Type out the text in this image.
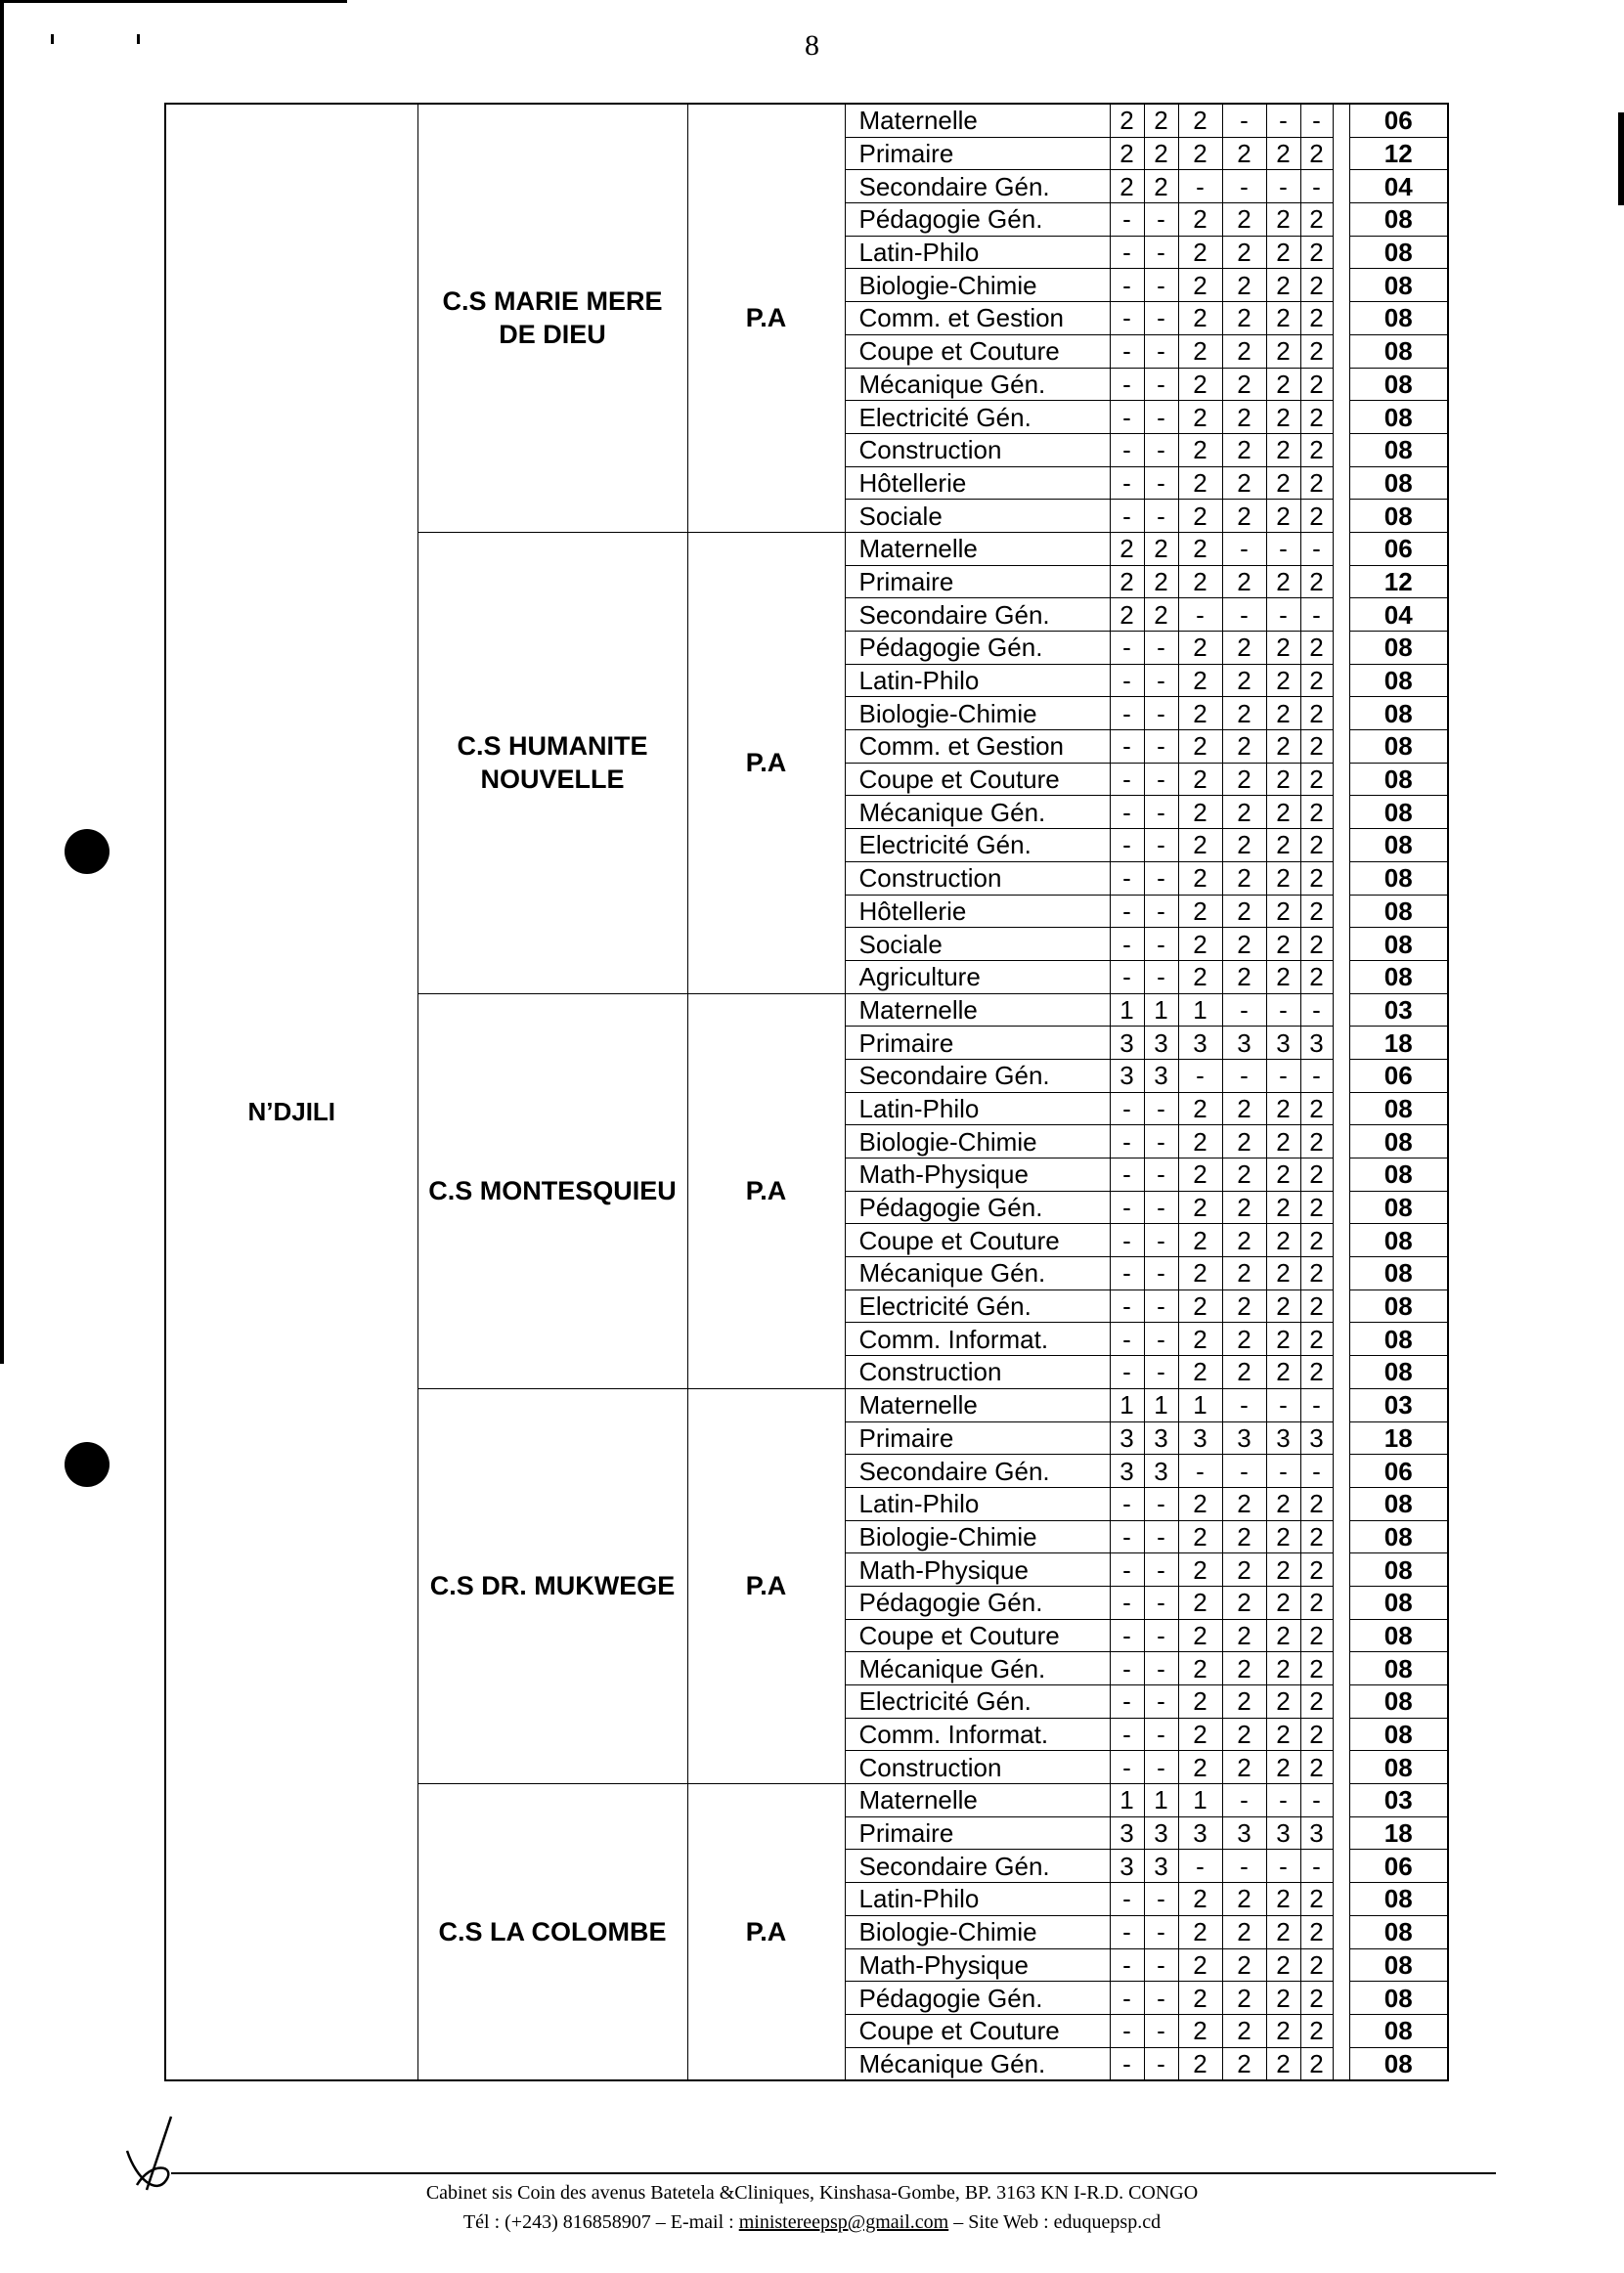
8
N’DJILI	C.S MARIE MERE DE DIEU	P.A	Maternelle	2	2	2	-	-	-		06
			Primaire	2	2	2	2	2	2		12
			Secondaire Gén.	2	2	-	-	-	-		04
			Pédagogie Gén.	-	-	2	2	2	2		08
			Latin-Philo	-	-	2	2	2	2		08
			Biologie-Chimie	-	-	2	2	2	2		08
			Comm. et Gestion	-	-	2	2	2	2		08
			Coupe et Couture	-	-	2	2	2	2		08
			Mécanique Gén.	-	-	2	2	2	2		08
			Electricité Gén.	-	-	2	2	2	2		08
			Construction	-	-	2	2	2	2		08
			Hôtellerie	-	-	2	2	2	2		08
			Sociale	-	-	2	2	2	2		08
	C.S HUMANITE NOUVELLE	P.A	Maternelle	2	2	2	-	-	-		06
			Primaire	2	2	2	2	2	2		12
			Secondaire Gén.	2	2	-	-	-	-		04
			Pédagogie Gén.	-	-	2	2	2	2		08
			Latin-Philo	-	-	2	2	2	2		08
			Biologie-Chimie	-	-	2	2	2	2		08
			Comm. et Gestion	-	-	2	2	2	2		08
			Coupe et Couture	-	-	2	2	2	2		08
			Mécanique Gén.	-	-	2	2	2	2		08
			Electricité Gén.	-	-	2	2	2	2		08
			Construction	-	-	2	2	2	2		08
			Hôtellerie	-	-	2	2	2	2		08
			Sociale	-	-	2	2	2	2		08
			Agriculture	-	-	2	2	2	2		08
	C.S MONTESQUIEU	P.A	Maternelle	1	1	1	-	-	-		03
			Primaire	3	3	3	3	3	3		18
			Secondaire Gén.	3	3	-	-	-	-		06
			Latin-Philo	-	-	2	2	2	2		08
			Biologie-Chimie	-	-	2	2	2	2		08
			Math-Physique	-	-	2	2	2	2		08
			Pédagogie Gén.	-	-	2	2	2	2		08
			Coupe et Couture	-	-	2	2	2	2		08
			Mécanique Gén.	-	-	2	2	2	2		08
			Electricité Gén.	-	-	2	2	2	2		08
			Comm. Informat.	-	-	2	2	2	2		08
			Construction	-	-	2	2	2	2		08
	C.S DR. MUKWEGE	P.A	Maternelle	1	1	1	-	-	-		03
			Primaire	3	3	3	3	3	3		18
			Secondaire Gén.	3	3	-	-	-	-		06
			Latin-Philo	-	-	2	2	2	2		08
			Biologie-Chimie	-	-	2	2	2	2		08
			Math-Physique	-	-	2	2	2	2		08
			Pédagogie Gén.	-	-	2	2	2	2		08
			Coupe et Couture	-	-	2	2	2	2		08
			Mécanique Gén.	-	-	2	2	2	2		08
			Electricité Gén.	-	-	2	2	2	2		08
			Comm. Informat.	-	-	2	2	2	2		08
			Construction	-	-	2	2	2	2		08
	C.S LA COLOMBE	P.A	Maternelle	1	1	1	-	-	-		03
			Primaire	3	3	3	3	3	3		18
			Secondaire Gén.	3	3	-	-	-	-		06
			Latin-Philo	-	-	2	2	2	2		08
			Biologie-Chimie	-	-	2	2	2	2		08
			Math-Physique	-	-	2	2	2	2		08
			Pédagogie Gén.	-	-	2	2	2	2		08
			Coupe et Couture	-	-	2	2	2	2		08
			Mécanique Gén.	-	-	2	2	2	2		08
Cabinet sis Coin des avenus Batetela &Cliniques, Kinshasa-Gombe, BP. 3163 KN I-R.D. CONGO
Tél : (+243) 816858907 – E-mail : ministereepsp@gmail.com – Site Web : eduquepsp.cd
